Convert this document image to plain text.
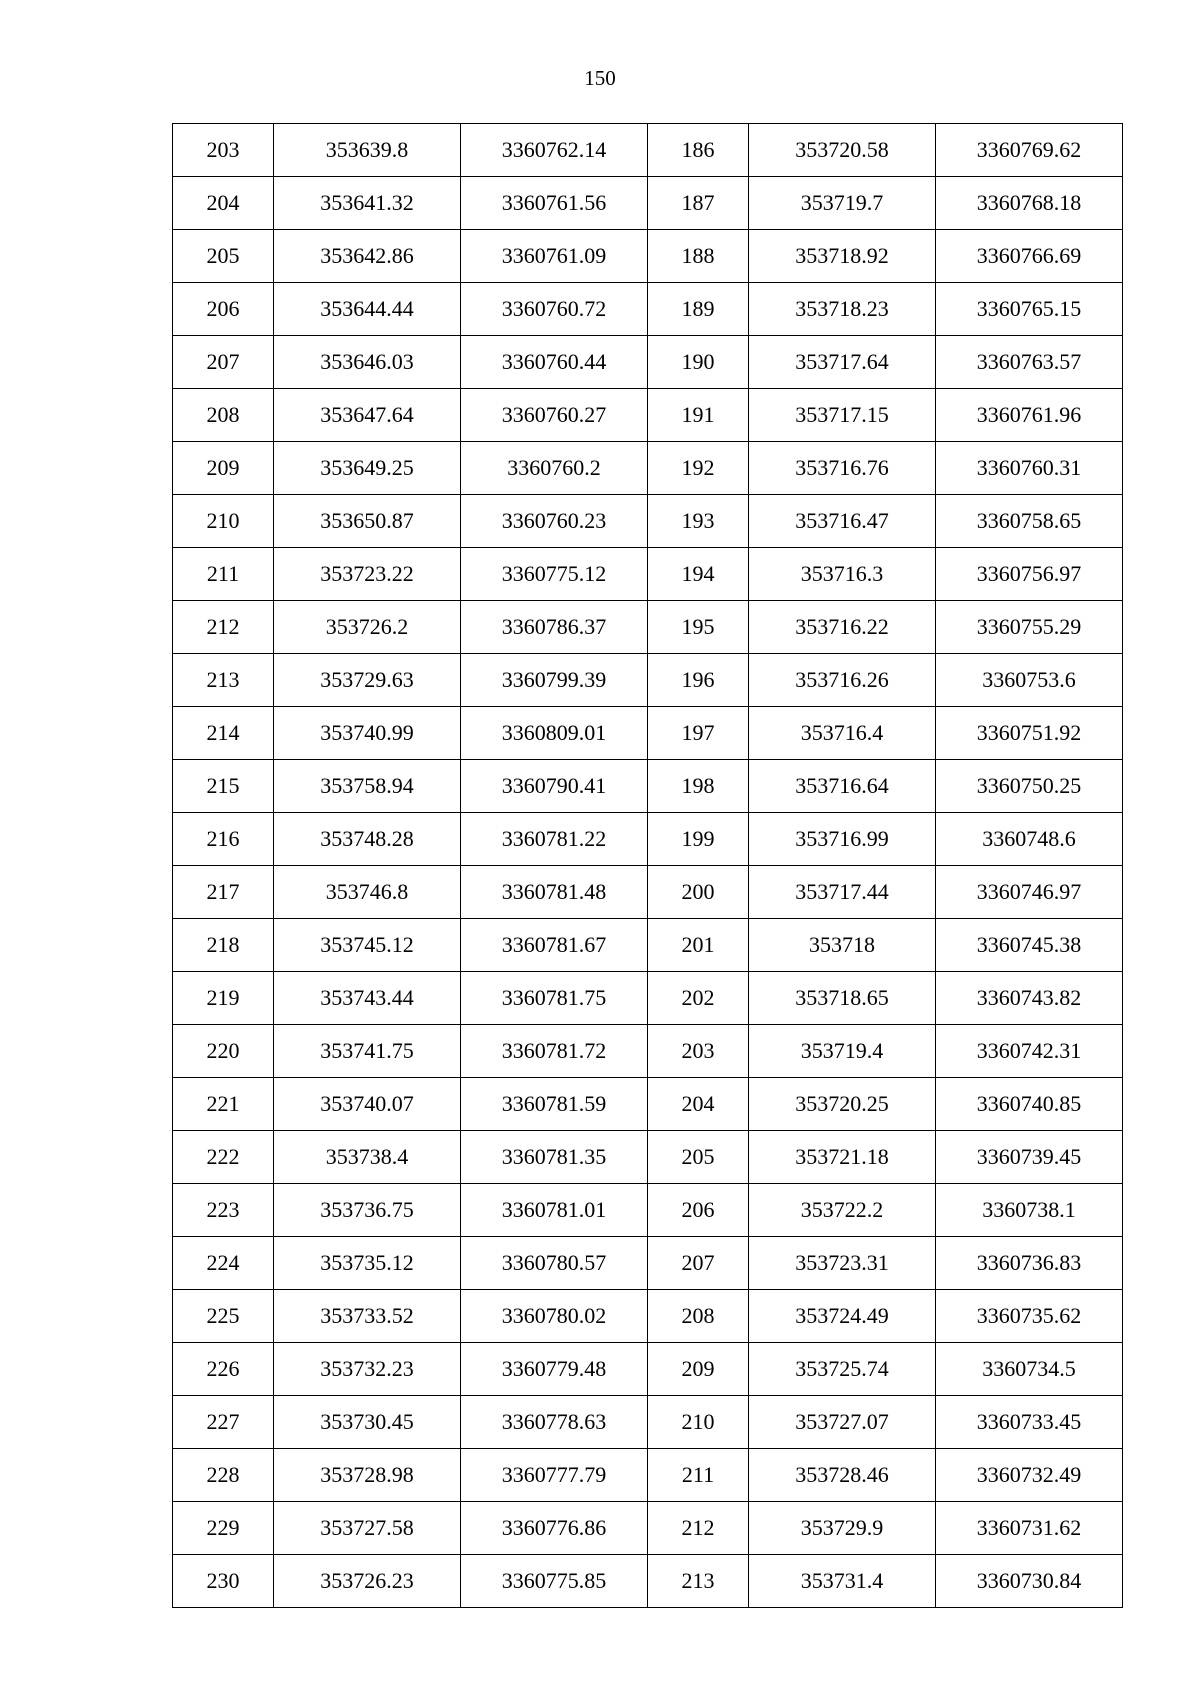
150
203	353639.8	3360762.14	186	353720.58	3360769.62
204	353641.32	3360761.56	187	353719.7	3360768.18
205	353642.86	3360761.09	188	353718.92	3360766.69
206	353644.44	3360760.72	189	353718.23	3360765.15
207	353646.03	3360760.44	190	353717.64	3360763.57
208	353647.64	3360760.27	191	353717.15	3360761.96
209	353649.25	3360760.2	192	353716.76	3360760.31
210	353650.87	3360760.23	193	353716.47	3360758.65
211	353723.22	3360775.12	194	353716.3	3360756.97
212	353726.2	3360786.37	195	353716.22	3360755.29
213	353729.63	3360799.39	196	353716.26	3360753.6
214	353740.99	3360809.01	197	353716.4	3360751.92
215	353758.94	3360790.41	198	353716.64	3360750.25
216	353748.28	3360781.22	199	353716.99	3360748.6
217	353746.8	3360781.48	200	353717.44	3360746.97
218	353745.12	3360781.67	201	353718	3360745.38
219	353743.44	3360781.75	202	353718.65	3360743.82
220	353741.75	3360781.72	203	353719.4	3360742.31
221	353740.07	3360781.59	204	353720.25	3360740.85
222	353738.4	3360781.35	205	353721.18	3360739.45
223	353736.75	3360781.01	206	353722.2	3360738.1
224	353735.12	3360780.57	207	353723.31	3360736.83
225	353733.52	3360780.02	208	353724.49	3360735.62
226	353732.23	3360779.48	209	353725.74	3360734.5
227	353730.45	3360778.63	210	353727.07	3360733.45
228	353728.98	3360777.79	211	353728.46	3360732.49
229	353727.58	3360776.86	212	353729.9	3360731.62
230	353726.23	3360775.85	213	353731.4	3360730.84
